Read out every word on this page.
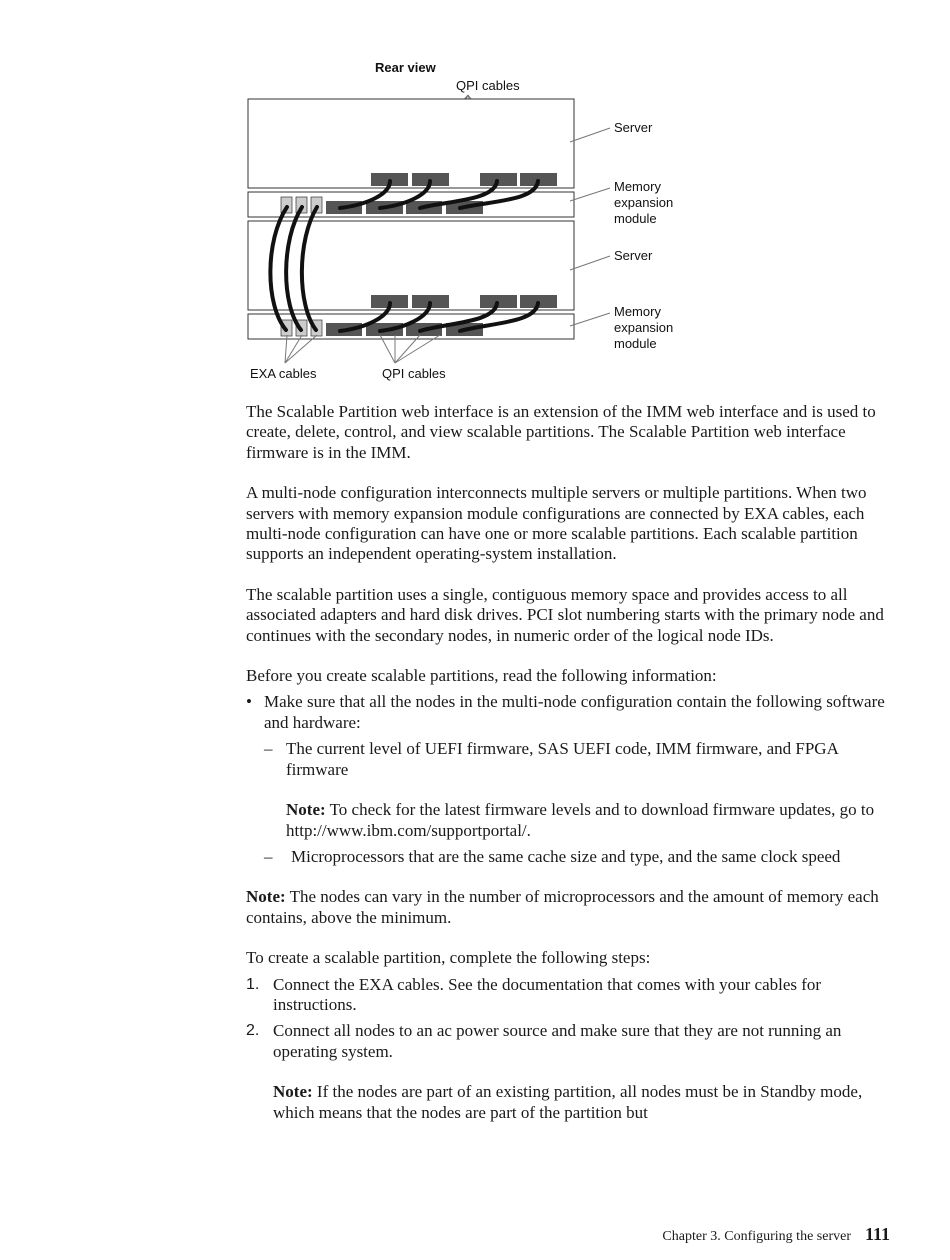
Rear view
QPI cables
Server
Memory
expansion
module
Server
Memory
expansion
module
EXA cables	QPI cables

The Scalable Partition web interface is an extension of the IMM web interface and is used to create, delete, control, and view scalable partitions. The Scalable Partition web interface firmware is in the IMM.

A multi-node configuration interconnects multiple servers or multiple partitions. When two servers with memory expansion module configurations are connected by EXA cables, each multi-node configuration can have one or more scalable partitions. Each scalable partition supports an independent operating-system installation.

The scalable partition uses a single, contiguous memory space and provides access to all associated adapters and hard disk drives. PCI slot numbering starts with the primary node and continues with the secondary nodes, in numeric order of the logical node IDs.

Before you create scalable partitions, read the following information:

• Make sure that all the nodes in the multi-node configuration contain the following software and hardware:
– The current level of UEFI firmware, SAS UEFI code, IMM firmware, and FPGA firmware
Note: To check for the latest firmware levels and to download firmware updates, go to http://www.ibm.com/supportportal/.
– Microprocessors that are the same cache size and type, and the same clock speed

Note: The nodes can vary in the number of microprocessors and the amount of memory each contains, above the minimum.

To create a scalable partition, complete the following steps:

1. Connect the EXA cables. See the documentation that comes with your cables for instructions.
2. Connect all nodes to an ac power source and make sure that they are not running an operating system.
Note: If the nodes are part of an existing partition, all nodes must be in Standby mode, which means that the nodes are part of the partition but
Chapter 3. Configuring the server 111
